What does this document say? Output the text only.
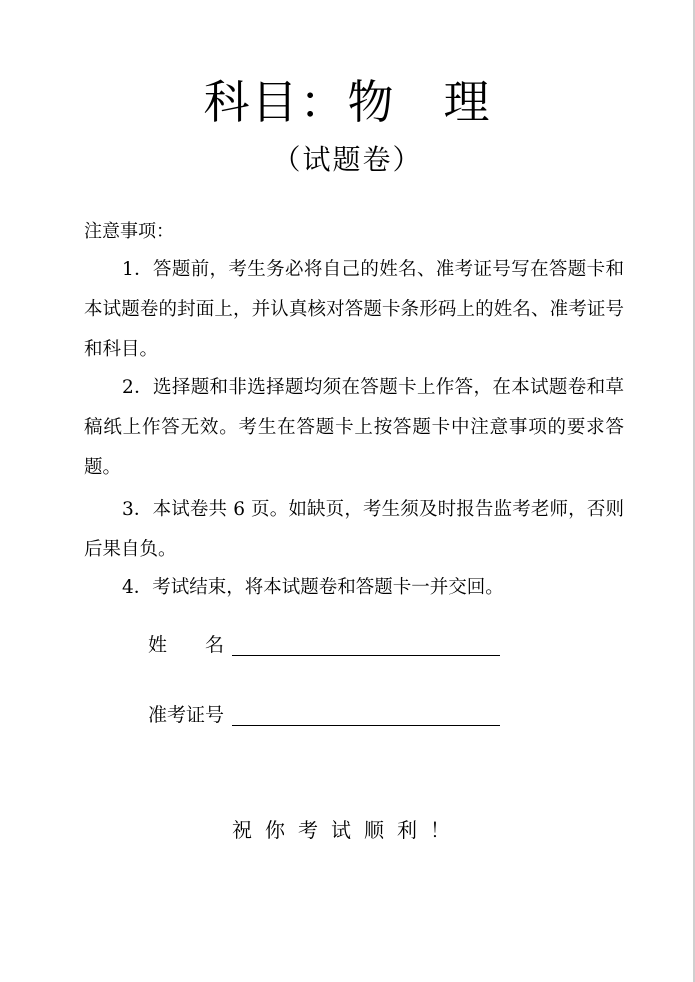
科目：物　理
（试题卷）
注意事项：
1．答题前，考生务必将自己的姓名、准考证号写在答题卡和本试题卷的封面上，并认真核对答题卡条形码上的姓名、准考证号和科目。
2．选择题和非选择题均须在答题卡上作答，在本试题卷和草稿纸上作答无效。考生在答题卡上按答题卡中注意事项的要求答题。
3．本试卷共 6 页。如缺页，考生须及时报告监考老师，否则后果自负。
4．考试结束，将本试题卷和答题卡一并交回。
姓　　名
准考证号
祝你考试顺利！
